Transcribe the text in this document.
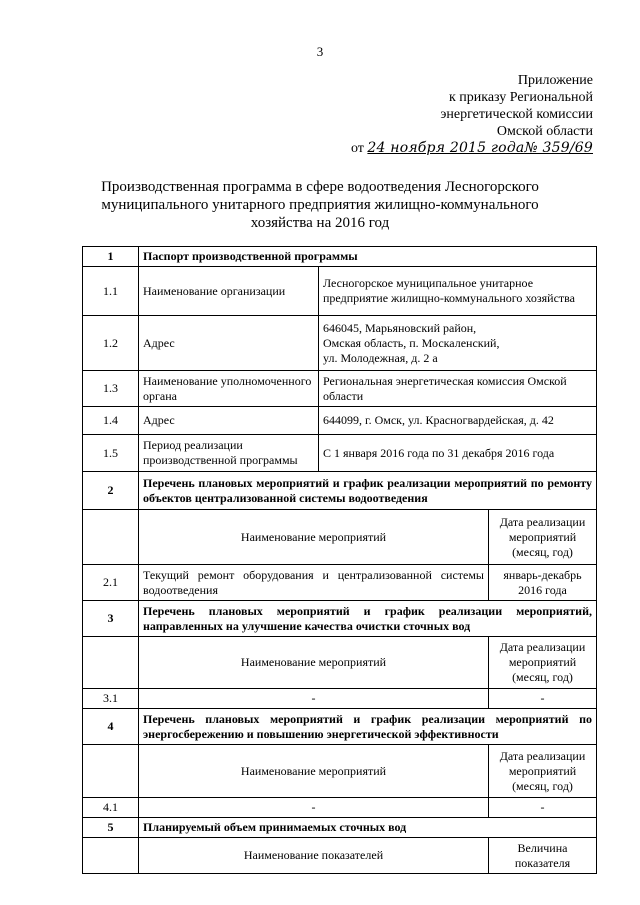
3
Приложение
к приказу Региональной
энергетической комиссии
Омской области
от 24 ноября 2015 года№ 359/69
Производственная программа в сфере водоотведения Лесногорского муниципального унитарного предприятия жилищно-коммунального хозяйства на 2016 год
1	Паспорт производственной программы		
1.1	Наименование организации	Лесногорское муниципальное унитарное предприятие жилищно-коммунального хозяйства	
1.2	Адрес	646045, Марьяновский район,
Омская область, п. Москаленский,
ул. Молодежная, д. 2 а	

1.3	Наименование уполномоченного органа	Региональная энергетическая комиссия Омской области	
1.4	Адрес	644099, г. Омск, ул. Красногвардейская, д. 42	
1.5	Период реализации производственной программы	С 1 января 2016 года по 31 декабря 2016 года	
2	Перечень плановых мероприятий и график реализации мероприятий по ремонту объектов централизованной системы водоотведения		
	Наименование мероприятий		Дата реализации мероприятий (месяц, год)
2.1	Текущий ремонт оборудования и централизованной системы водоотведения		январь-декабрь 2016 года
3	Перечень плановых мероприятий и график реализации мероприятий, направленных на улучшение качества очистки сточных вод		
	Наименование мероприятий		Дата реализации мероприятий (месяц, год)
3.1	-		-
4	Перечень плановых мероприятий и график реализации мероприятий по энергосбережению и повышению энергетической эффективности		
	Наименование мероприятий		Дата реализации мероприятий (месяц, год)
4.1	-		-
5	Планируемый объем принимаемых сточных вод		
	Наименование показателей		Величина показателя
